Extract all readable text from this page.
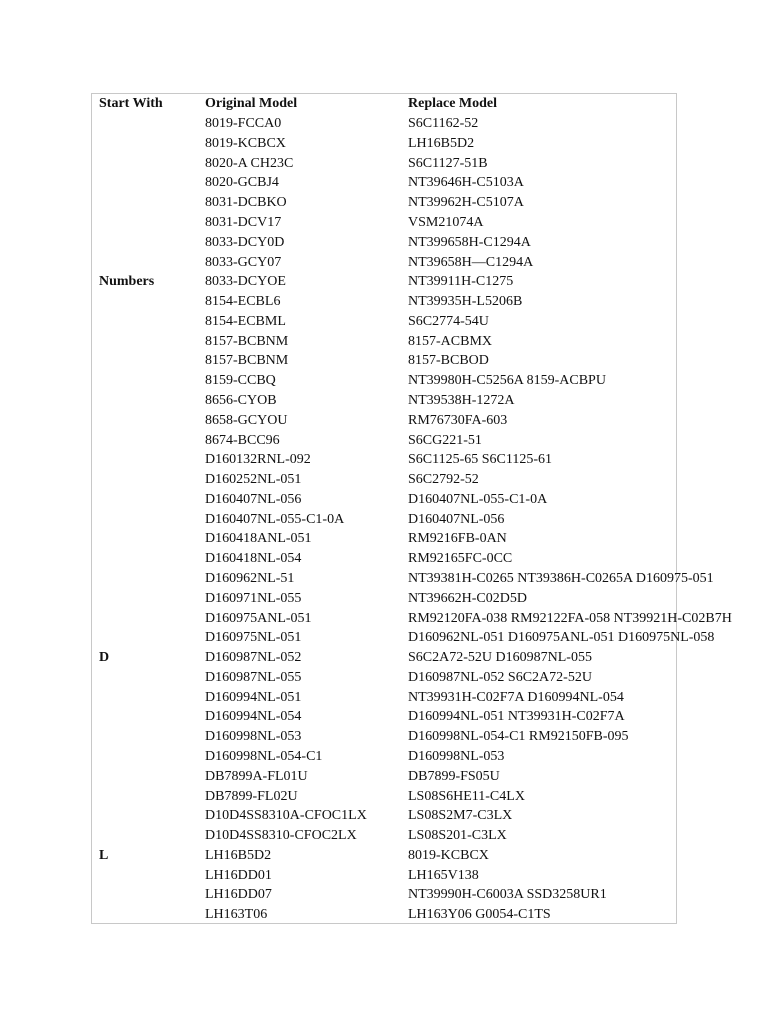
Start With
Numbers
D
L
Original Model
8019-FCCA0
8019-KCBCX
8020-A CH23C
8020-GCBJ4
8031-DCBKO
8031-DCV17
8033-DCY0D
8033-GCY07
8033-DCYOE
8154-ECBL6
8154-ECBML
8157-BCBNM
8157-BCBNM
8159-CCBQ
8656-CYOB
8658-GCYOU
8674-BCC96
D160132RNL-092
D160252NL-051
D160407NL-056
D160407NL-055-C1-0A
D160418ANL-051
D160418NL-054
D160962NL-51
D160971NL-055
D160975ANL-051
D160975NL-051
D160987NL-052
D160987NL-055
D160994NL-051
D160994NL-054
D160998NL-053
D160998NL-054-C1
DB7899A-FL01U
DB7899-FL02U
D10D4SS8310A-CFOC1LX
D10D4SS8310-CFOC2LX
LH16B5D2
LH16DD01
LH16DD07
LH163T06
Replace Model
S6C1162-52
LH16B5D2
S6C1127-51B
NT39646H-C5103A
NT39962H-C5107A
VSM21074A
NT399658H-C1294A
NT39658H—C1294A
NT39911H-C1275
NT39935H-L5206B
S6C2774-54U
8157-ACBMX
8157-BCBOD
NT39980H-C5256A 8159-ACBPU
NT39538H-1272A
RM76730FA-603
S6CG221-51
S6C1125-65 S6C1125-61
S6C2792-52
D160407NL-055-C1-0A
D160407NL-056
RM9216FB-0AN
RM92165FC-0CC
NT39381H-C0265 NT39386H-C0265A D160975-051
NT39662H-C02D5D
RM92120FA-038 RM92122FA-058 NT39921H-C02B7H
D160962NL-051 D160975ANL-051 D160975NL-058
S6C2A72-52U D160987NL-055
D160987NL-052 S6C2A72-52U
NT39931H-C02F7A D160994NL-054
D160994NL-051 NT39931H-C02F7A
D160998NL-054-C1 RM92150FB-095
D160998NL-053
DB7899-FS05U
LS08S6HE11-C4LX
LS08S2M7-C3LX
LS08S201-C3LX
8019-KCBCX
LH165V138
NT39990H-C6003A SSD3258UR1
LH163Y06 G0054-C1TS
